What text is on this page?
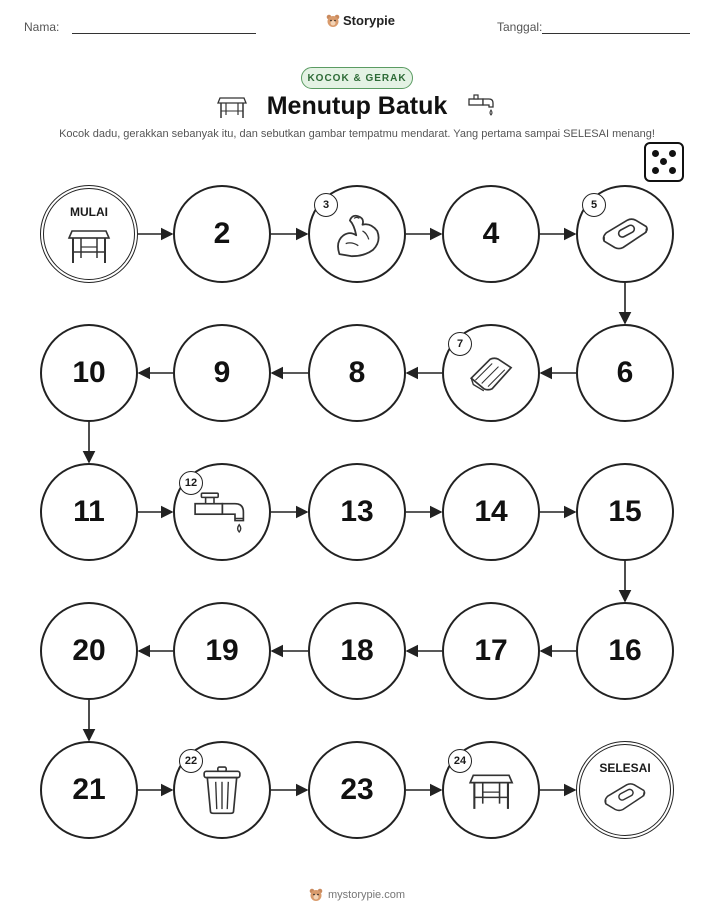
Nama:	Storypie	Tanggal:
KOCOK & GERAK
Menutup Batuk
Kocok dadu, gerakkan sebanyak itu, dan sebutkan gambar tempatmu mendarat. Yang pertama sampai SELESAI menang!
MULAI
2
3
4
5
6
7
8
9
10
11
12
13	14	15
16
17
18
19
20
21
22
23
24	SELESAI
mystorypie.com
